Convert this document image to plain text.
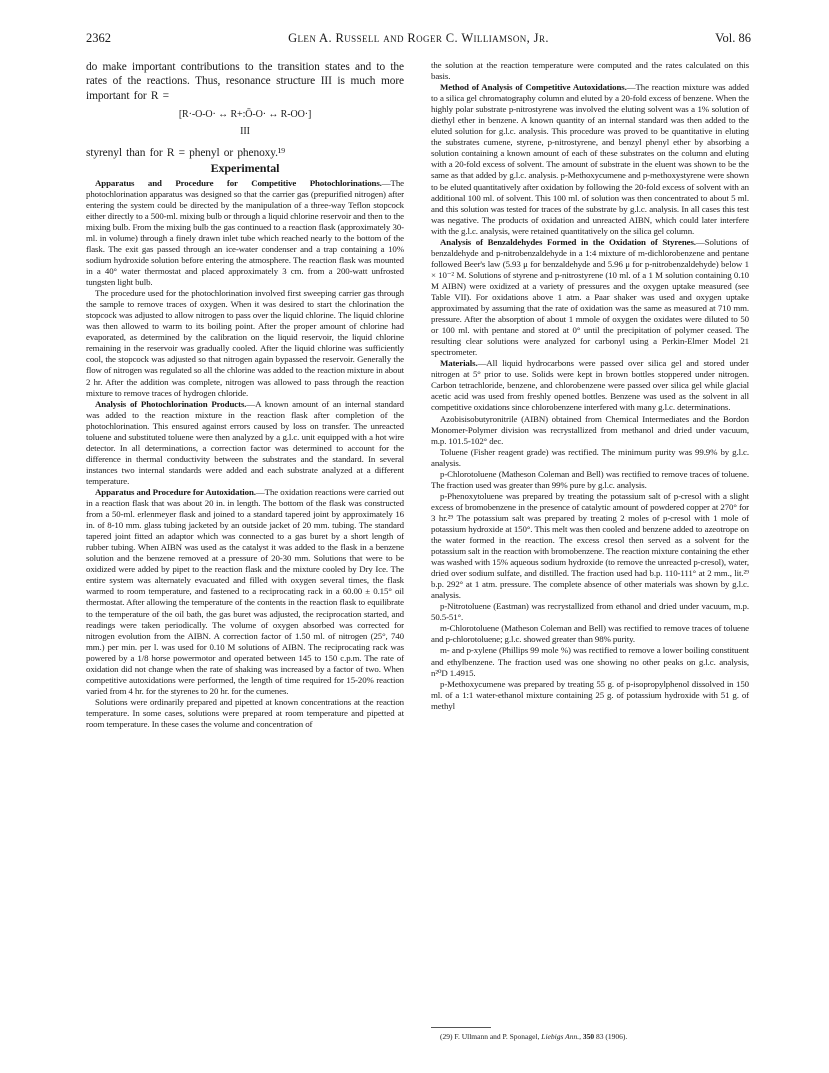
2362	Glen A. Russell and Roger C. Williamson, Jr.	Vol. 86

do make important contributions to the transition states and to the rates of the reactions. Thus, resonance structure III is much more important for R =

[R·-O-O· ↔ R+:Ō-O· ↔ R-OO·]
III

styrenyl than for R = phenyl or phenoxy.¹⁹

Experimental

Apparatus and Procedure for Competitive Photochlorinations.—The photochlorination apparatus was designed so that the carrier gas (prepurified nitrogen) after entering the system could be directed by the manipulation of a three-way Teflon stopcock either directly to a 500-ml. mixing bulb or through a liquid chlorine reservoir and then to the mixing bulb. From the mixing bulb the gas continued to a reaction flask (approximately 30-ml. in volume) through a finely drawn inlet tube which reached nearly to the bottom of the flask. The exit gas passed through an ice-water condenser and a trap containing a 10% sodium hydroxide solution before entering the atmosphere. The reaction flask was mounted in a 40° water thermostat and placed approximately 3 cm. from a 200-watt unfrosted tungsten light bulb.

The procedure used for the photochlorination involved first sweeping carrier gas through the sample to remove traces of oxygen. When it was desired to start the chlorination the stopcock was adjusted to allow nitrogen to pass over the liquid chlorine. The liquid chlorine was then allowed to warm to its boiling point. After the proper amount of chlorine had evaporated, as determined by the calibration on the liquid reservoir, the liquid chlorine remaining in the reservoir was gradually cooled. After the liquid chlorine was sufficiently cool, the stopcock was adjusted so that nitrogen again bypassed the reservoir. Generally the flow of nitrogen was regulated so all the chlorine was added to the reaction mixture in about 2 hr. After the addition was complete, nitrogen was allowed to pass through the reaction mixture to remove traces of hydrogen chloride.

Analysis of Photochlorination Products.—A known amount of an internal standard was added to the reaction mixture in the reaction flask after completion of the photochlorination. This ensured against errors caused by loss on transfer. The unreacted toluene and substituted toluene were then analyzed by a g.l.c. unit equipped with a hot wire detector. In all determinations, a correction factor was determined to account for the difference in thermal conductivity between the substrates and the standard. In several instances two internal standards were added and each substrate analyzed at a different temperature.

Apparatus and Procedure for Autoxidation.—The oxidation reactions were carried out in a reaction flask that was about 20 in. in length. The bottom of the flask was constructed from a 50-ml. erlenmeyer flask and joined to a standard tapered joint by approximately 16 in. of 8-10 mm. glass tubing jacketed by an outside jacket of 20 mm. tubing. The standard tapered joint fitted an adaptor which was connected to a gas buret by a short length of rubber tubing. When AIBN was used as the catalyst it was added to the flask in a benzene solution and the benzene removed at a pressure of 20-30 mm. Solutions that were to be oxidized were added by pipet to the reaction flask and the mixture cooled by Dry Ice. The entire system was alternately evacuated and filled with oxygen several times, the flask warmed to room temperature, and fastened to a reciprocating rack in a 60.00 ± 0.15° oil thermostat. After allowing the temperature of the contents in the reaction flask to equilibrate to the temperature of the oil bath, the gas buret was adjusted, the reciprocation started, and readings were taken periodically. The volume of oxygen absorbed was corrected for nitrogen evolution from the AIBN. A correction factor of 1.50 ml. of nitrogen (25°, 740 mm.) per min. per l. was used for 0.10 M solutions of AIBN. The reciprocating rack was powered by a 1/8 horse powermotor and operated between 145 to 150 c.p.m. The rate of oxidation did not change when the rate of shaking was increased by a factor of two. When competitive autoxidations were performed, the length of time required for 15-20% reaction varied from 4 hr. for the styrenes to 20 hr. for the cumenes.

Solutions were ordinarily prepared and pipetted at known concentrations at the reaction temperature. In some cases, solutions were prepared at room temperature and pipetted at room temperature. In these cases the volume and concentration of

the solution at the reaction temperature were computed and the rates calculated on this basis.

Method of Analysis of Competitive Autoxidations.—The reaction mixture was added to a silica gel chromatography column and eluted by a 20-fold excess of benzene. When the highly polar substrate p-nitrostyrene was involved the eluting solvent was a 1% solution of diethyl ether in benzene. A known quantity of an internal standard was then added to the eluted solution for g.l.c. analysis. This procedure was proved to be quantitative in eluting the substrates cumene, styrene, p-nitrostyrene, and benzyl phenyl ether by absorbing a solution containing a known amount of each of these substrates on the column and eluting with a 20-fold excess of solvent. The amount of substrate in the eluent was shown to be the same as that added by g.l.c. analysis. p-Methoxycumene and p-methoxystyrene were shown to be eluted quantitatively after oxidation by following the 20-fold excess of solvent with an additional 100 ml. of solvent. This 100 ml. of solution was then concentrated to about 5 ml. and this solution was tested for traces of the substrate by g.l.c. analysis. In all cases this test was negative. The products of oxidation and unreacted AIBN, which could later interfere with the g.l.c. analysis, were retained quantitatively on the silica gel column.

Analysis of Benzaldehydes Formed in the Oxidation of Styrenes.—Solutions of benzaldehyde and p-nitrobenzaldehyde in a 1:4 mixture of m-dichlorobenzene and pentane followed Beer's law (5.93 μ for benzaldehyde and 5.96 μ for p-nitrobenzaldehyde) below 1 × 10⁻² M. Solutions of styrene and p-nitrostyrene (10 ml. of a 1 M solution containing 0.10 M AIBN) were oxidized at a variety of pressures and the oxygen uptake measured (see Table VII). For oxidations above 1 atm. a Paar shaker was used and oxygen uptake approximated by assuming that the rate of oxidation was the same as measured at 710 mm. pressure. After the absorption of about 1 mmole of oxygen the oxidates were diluted to 50 or 100 ml. with pentane and stored at 0° until the precipitation of polymer ceased. The resulting clear solutions were analyzed for carbonyl using a Perkin-Elmer Model 21 spectrometer.

Materials.—All liquid hydrocarbons were passed over silica gel and stored under nitrogen at 5° prior to use. Solids were kept in brown bottles stoppered under nitrogen. Carbon tetrachloride, benzene, and chlorobenzene were passed over silica gel while glacial acetic acid was used from freshly opened bottles. Benzene was used as the solvent in all competitive oxidations since chlorobenzene interfered with many g.l.c. determinations.

Azobisisobutyronitrile (AIBN) obtained from Chemical Intermediates and the Bordon Monomer-Polymer division was recrystallized from methanol and dried under vacuum, m.p. 101.5-102° dec.

Toluene (Fisher reagent grade) was rectified. The minimum purity was 99.9% by g.l.c. analysis.

p-Chlorotoluene (Matheson Coleman and Bell) was rectified to remove traces of toluene. The fraction used was greater than 99% pure by g.l.c. analysis.

p-Phenoxytoluene was prepared by treating the potassium salt of p-cresol with a slight excess of bromobenzene in the presence of catalytic amount of powdered copper at 270° for 3 hr.²⁹ The potassium salt was prepared by treating 2 moles of p-cresol with 1 mole of potassium hydroxide at 150°. This melt was then cooled and benzene added to azeotrope on the water formed in the reaction. The excess cresol then served as a solvent for the potassium salt in the reaction with bromobenzene. The reaction mixture containing the ether was washed with 15% aqueous sodium hydroxide (to remove the unreacted p-cresol), water, dried over sodium sulfate, and distilled. The fraction used had b.p. 110-111° at 2 mm., lit.²⁹ b.p. 292° at 1 atm. pressure. The complete absence of other materials was shown by g.l.c. analysis.

p-Nitrotoluene (Eastman) was recrystallized from ethanol and dried under vacuum, m.p. 50.5-51°.

m-Chlorotoluene (Matheson Coleman and Bell) was rectified to remove traces of toluene and p-chlorotoluene; g.l.c. showed greater than 98% purity.

m- and p-xylene (Phillips 99 mole %) was rectified to remove a lower boiling constituent and ethylbenzene. The fraction used was one showing no other peaks on g.l.c. analysis, n²⁰D 1.4915.

p-Methoxycumene was prepared by treating 55 g. of p-isopropylphenol dissolved in 150 ml. of a 1:1 water-ethanol mixture containing 25 g. of potassium hydroxide with 51 g. of methyl

(29) F. Ullmann and P. Sponagel, Liebigs Ann., 350 83 (1906).
